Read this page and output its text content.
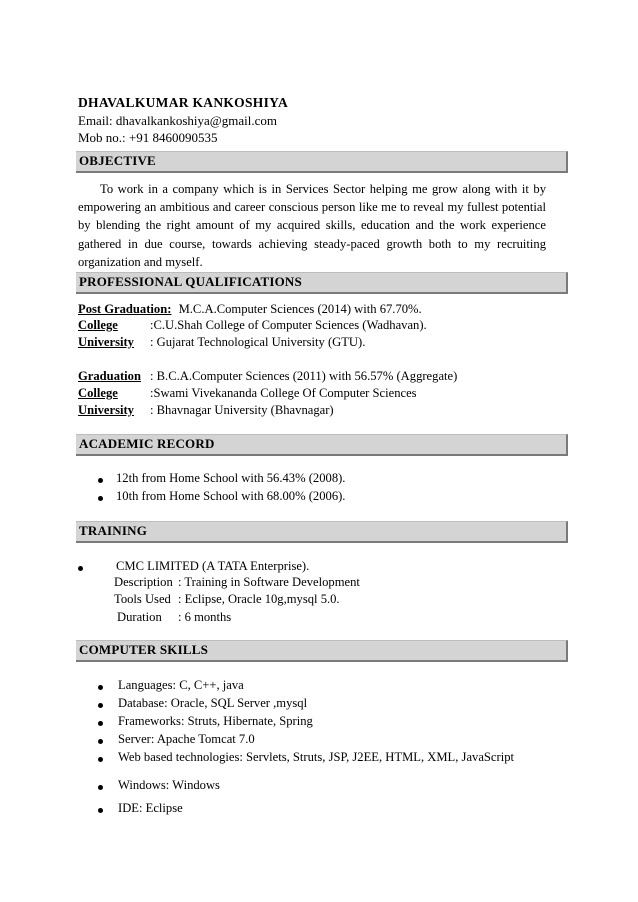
DHAVALKUMAR KANKOSHIYA
Email: dhavalkankoshiya@gmail.com
Mob no.: +91 8460090535
OBJECTIVE
To work in a company which is in Services Sector helping me grow along with it by empowering an ambitious and career conscious person like me to reveal my fullest potential by blending the right amount of my acquired skills, education and the work experience gathered in due course, towards achieving steady-paced growth both to my recruiting organization and myself.
PROFESSIONAL QUALIFICATIONS
Post Graduation: M.C.A.Computer Sciences (2014) with 67.70%.
College	:C.U.Shah College of Computer Sciences (Wadhavan).
University : Gujarat Technological University (GTU).
Graduation : B.C.A.Computer Sciences (2011) with 56.57% (Aggregate)
College	:Swami Vivekananda College Of Computer Sciences
University : Bhavnagar University (Bhavnagar)
ACADEMIC RECORD
12th from Home School with 56.43% (2008).
10th from Home School with 68.00% (2006).
TRAINING
CMC LIMITED (A TATA Enterprise).
Description : Training in Software Development
Tools Used : Eclipse, Oracle 10g,mysql 5.0.
Duration : 6 months
COMPUTER SKILLS
Languages: C, C++, java
Database: Oracle, SQL Server ,mysql
Frameworks: Struts, Hibernate, Spring
Server: Apache Tomcat 7.0
Web based technologies: Servlets, Struts, JSP, J2EE, HTML, XML, JavaScript
Windows: Windows
IDE: Eclipse
